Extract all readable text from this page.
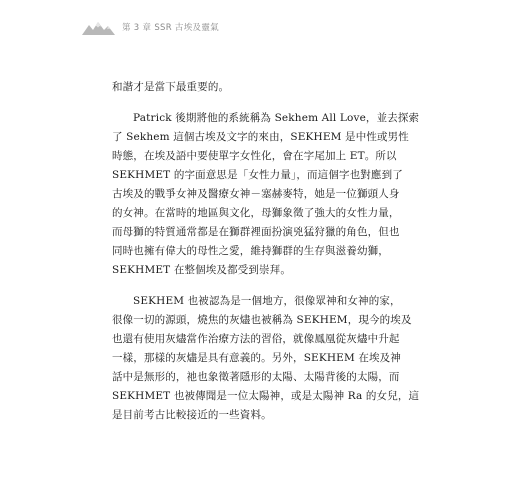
第 3 章 SSR 古埃及靈氣
和諧才是當下最重要的。
Patrick 後期將他的系統稱為 Sekhem All Love，並去探索
了 Sekhem 這個古埃及文字的來由，SEKHEM 是中性或男性
時態，在埃及語中要使單字女性化，會在字尾加上 ET。所以
SEKHMET 的字面意思是「女性力量」，而這個字也對應到了
古埃及的戰爭女神及醫療女神－塞赫麥特，她是一位獅頭人身
的女神。在當時的地區與文化，母獅象徵了強大的女性力量，
而母獅的特質通常都是在獅群裡面扮演兇猛狩獵的角色，但也
同時也擁有偉大的母性之愛，維持獅群的生存與滋養幼獅，
SEKHMET 在整個埃及都受到崇拜。
SEKHEM 也被認為是一個地方，很像眾神和女神的家，
很像一切的源頭，燒焦的灰燼也被稱為 SEKHEM，現今的埃及
也還有使用灰燼當作治療方法的習俗，就像鳳凰從灰燼中升起
一樣，那樣的灰燼是具有意義的。另外，SEKHEM 在埃及神
話中是無形的，祂也象徵著隱形的太陽、太陽背後的太陽，而
SEKHMET 也被傳聞是一位太陽神，或是太陽神 Ra 的女兒，這
是目前考古比較接近的一些資料。
